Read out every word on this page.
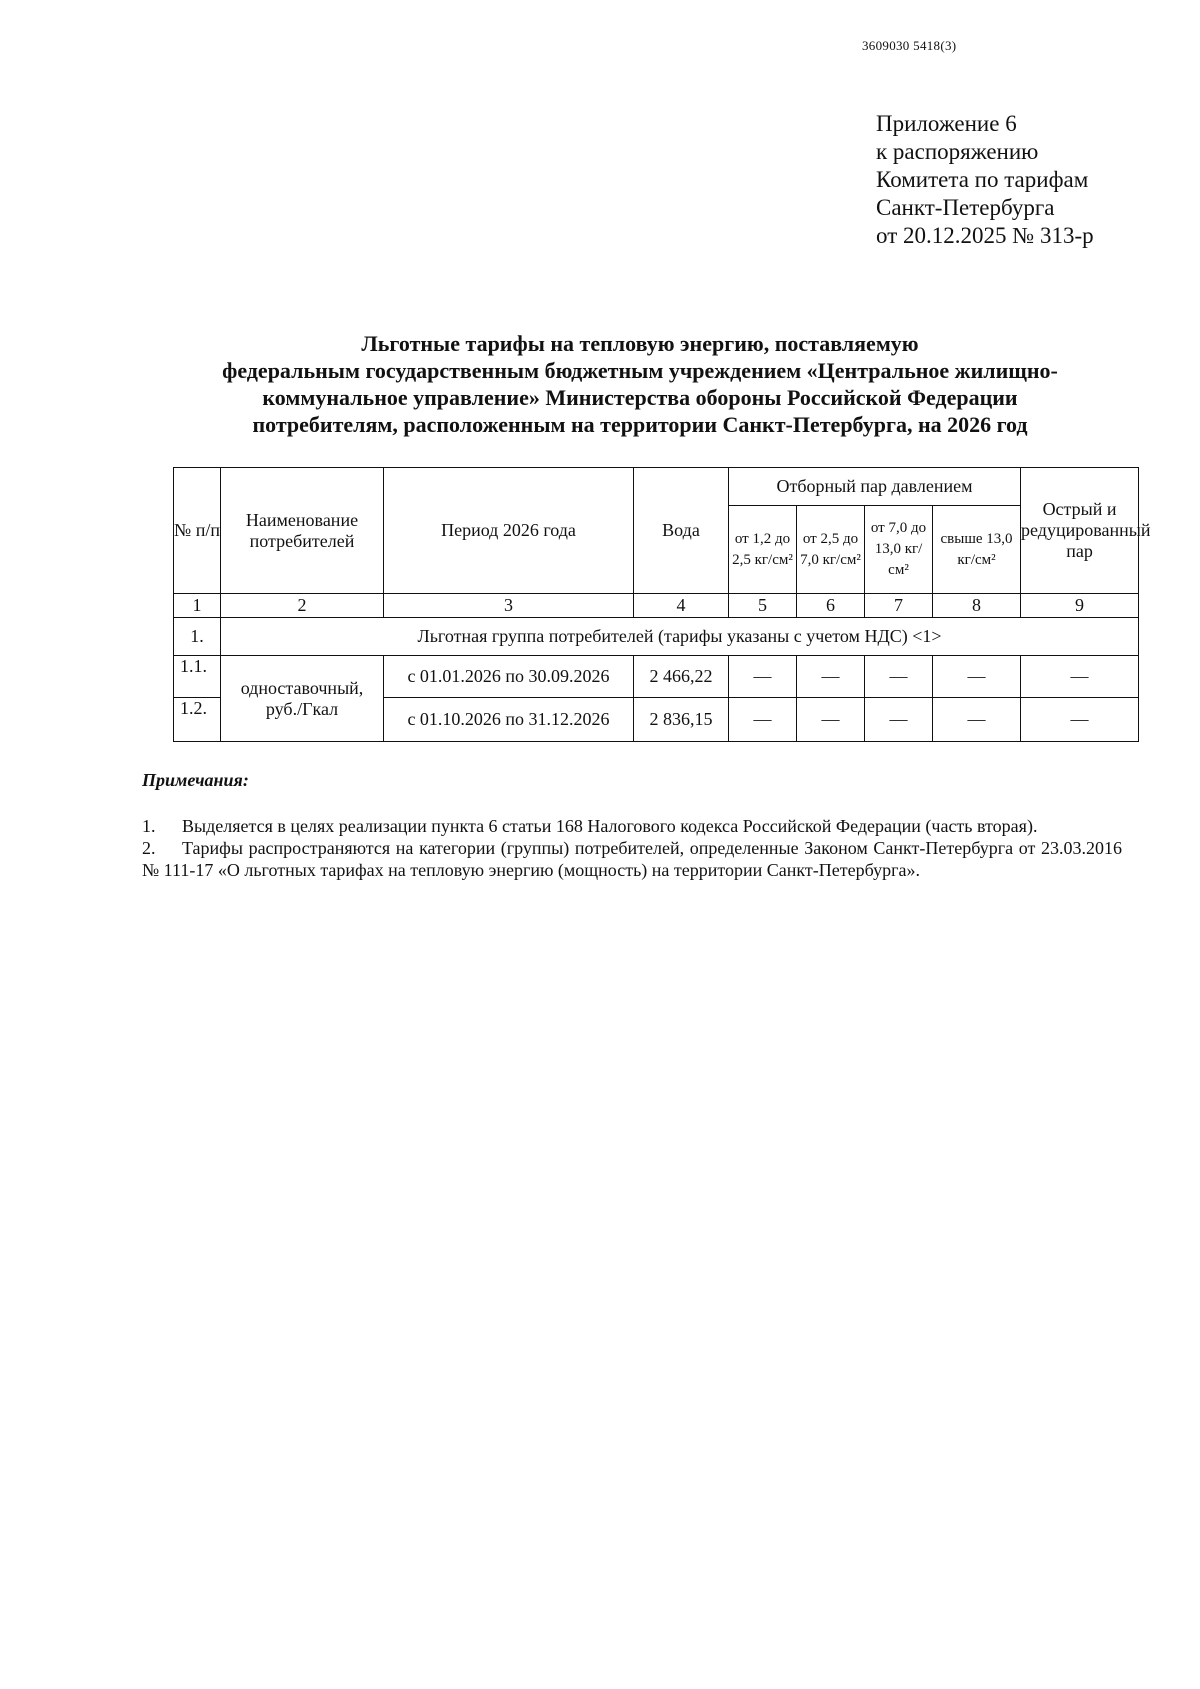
3609030 5418(3)
Приложение 6
к распоряжению
Комитета по тарифам
Санкт-Петербурга
от 20.12.2025 № 313-р
Льготные тарифы на тепловую энергию, поставляемую
федеральным государственным бюджетным учреждением «Центральное жилищно-
коммунальное управление» Министерства обороны Российской Федерации
потребителям, расположенным на территории Санкт-Петербурга, на 2026 год
№ п/п	Наименование потребителей	Период 2026 года	Вода	Отборный пар давлением				Острый и редуцированный пар
				от 1,2 до 2,5 кг/см²	от 2,5 до 7,0 кг/см²	от 7,0 до 13,0 кг/см²	свыше 13,0 кг/см²	
1	2	3	4	5	6	7	8	9
1.	Льготная группа потребителей (тарифы указаны с учетом НДС) <1>							
1.1.	одноставочный, руб./Гкал	с 01.01.2026 по 30.09.2026	2 466,22	—	—	—	—	—
1.2.		с 01.10.2026 по 31.12.2026	2 836,15	—	—	—	—	—
Примечания:

1. Выделяется в целях реализации пункта 6 статьи 168 Налогового кодекса Российской Федерации (часть вторая).

2. Тарифы распространяются на категории (группы) потребителей, определенные Законом Санкт-Петербурга от 23.03.2016 № 111-17 «О льготных тарифах на тепловую энергию (мощность) на территории Санкт-Петербурга».
